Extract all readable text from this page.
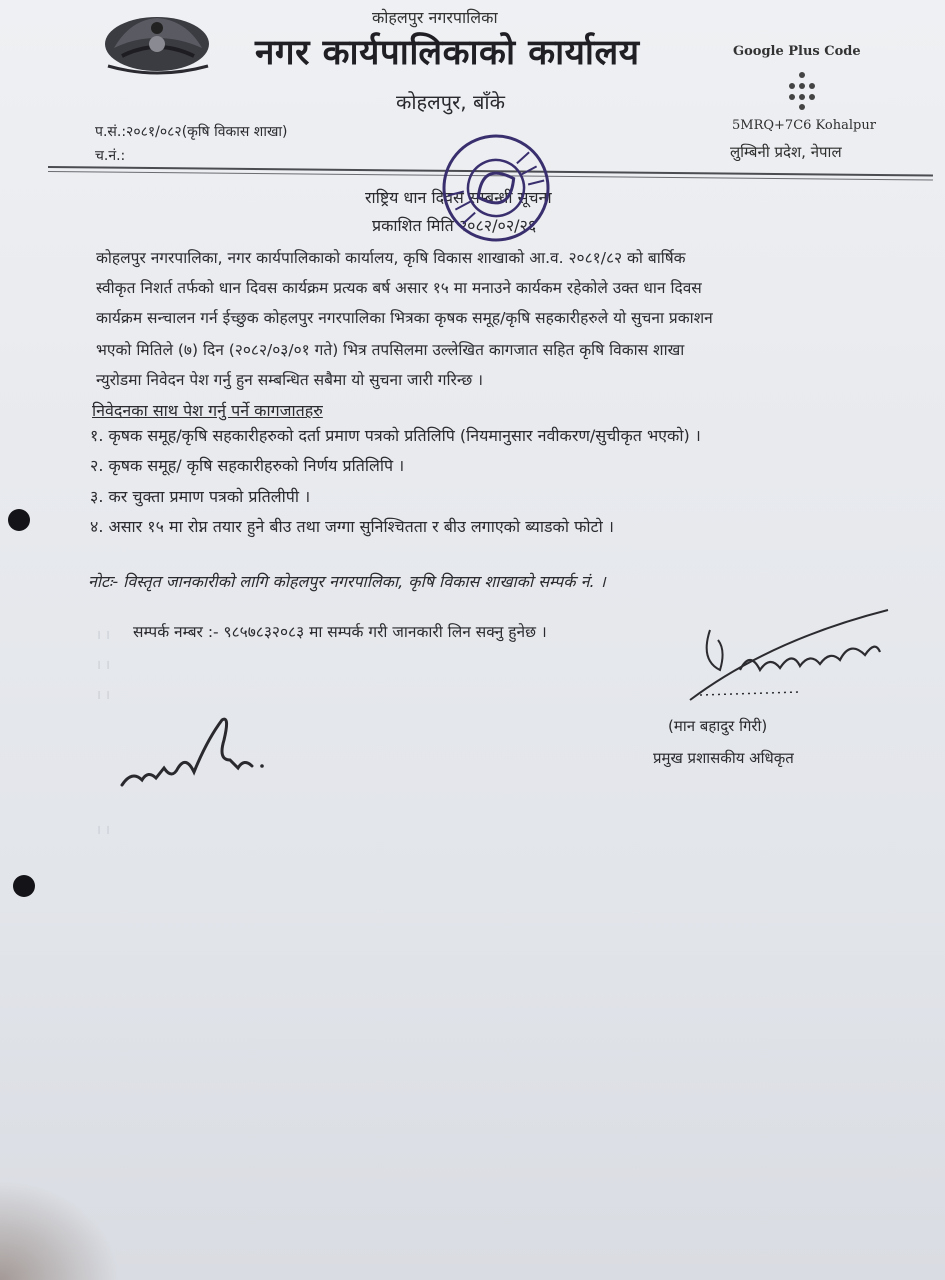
कोहलपुर नगरपालिका
नगर कार्यपालिकाको कार्यालय
कोहलपुर, बाँके
Google Plus Code
5MRQ+7C6 Kohalpur
लुम्बिनी प्रदेश, नेपाल
प.सं.:२०८१/०८२(कृषि विकास शाखा)
च.नं.:
राष्ट्रिय धान दिवस सम्बन्धी सूचना
प्रकाशित मिति २०८२/०२/२६
कोहलपुर नगरपालिका, नगर कार्यपालिकाको कार्यालय, कृषि विकास शाखाको आ.व. २०८१/८२ को बार्षिक
स्वीकृत निशर्त तर्फको धान दिवस कार्यक्रम प्रत्यक बर्ष असार १५ मा मनाउने कार्यकम रहेकोले उक्त धान दिवस
कार्यक्रम सन्चालन गर्न ईच्छुक कोहलपुर नगरपालिका भित्रका कृषक समूह/कृषि सहकारीहरुले यो सुचना प्रकाशन
भएको मितिले (७) दिन (२०८२/०३/०१ गते) भित्र तपसिलमा उल्लेखित कागजात सहित कृषि विकास शाखा
न्युरोडमा निवेदन पेश गर्नु हुन सम्बन्धित सबैमा यो सुचना जारी गरिन्छ ।
निवेदनका साथ पेश गर्नु पर्ने कागजातहरु
१. कृषक समूह/कृषि सहकारीहरुको दर्ता प्रमाण पत्रको प्रतिलिपि (नियमानुसार नवीकरण/सुचीकृत भएको) ।
२. कृषक समूह/ कृषि सहकारीहरुको निर्णय प्रतिलिपि ।
३. कर चुक्ता प्रमाण पत्रको प्रतिलीपी ।
४. असार १५ मा रोप्न तयार हुने बीउ तथा जग्गा सुनिश्चितता र बीउ लगाएको ब्याडको फोटो ।
नोटः- विस्तृत जानकारीको लागि कोहलपुर नगरपालिका, कृषि विकास शाखाको सम्पर्क नं. ।
सम्पर्क नम्बर :- ९८५७८३२०८३ मा सम्पर्क गरी जानकारी लिन सक्नु हुनेछ ।
(मान बहादुर गिरी)
प्रमुख प्रशासकीय अधिकृत
। ।
। ।
। ।
। ।
